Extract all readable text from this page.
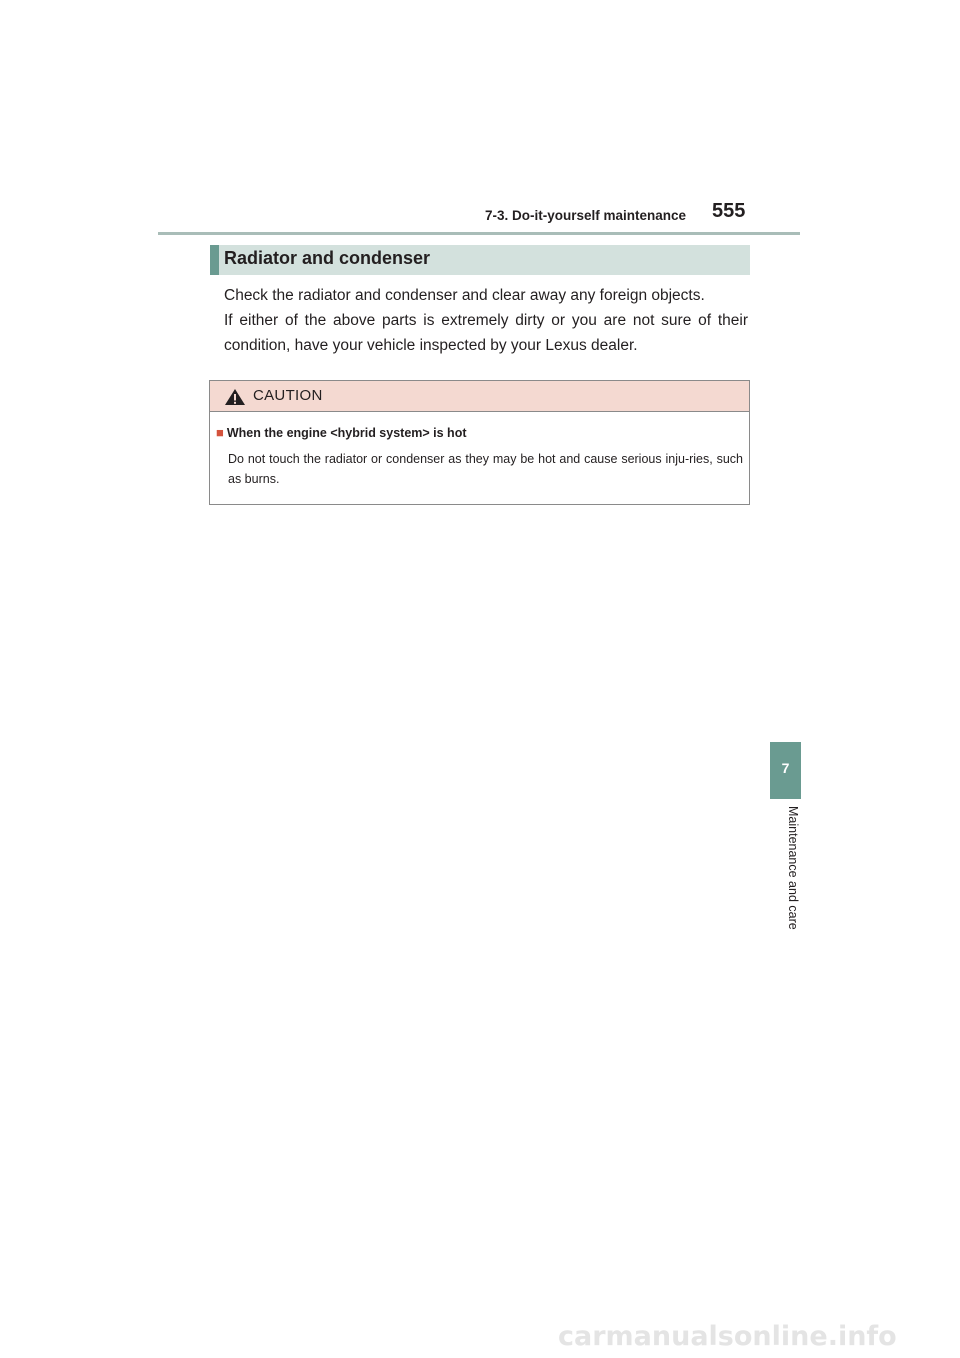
7-3. Do-it-yourself maintenance 555
Radiator and condenser

Check the radiator and condenser and clear away any foreign objects.

If either of the above parts is extremely dirty or you are not sure of their condition, have your vehicle inspected by your Lexus dealer.

CAUTION
■ When the engine <hybrid system> is hot
Do not touch the radiator or condenser as they may be hot and cause serious inju-ries, such as burns.
7
Maintenance and care
carmanualsonline.info
